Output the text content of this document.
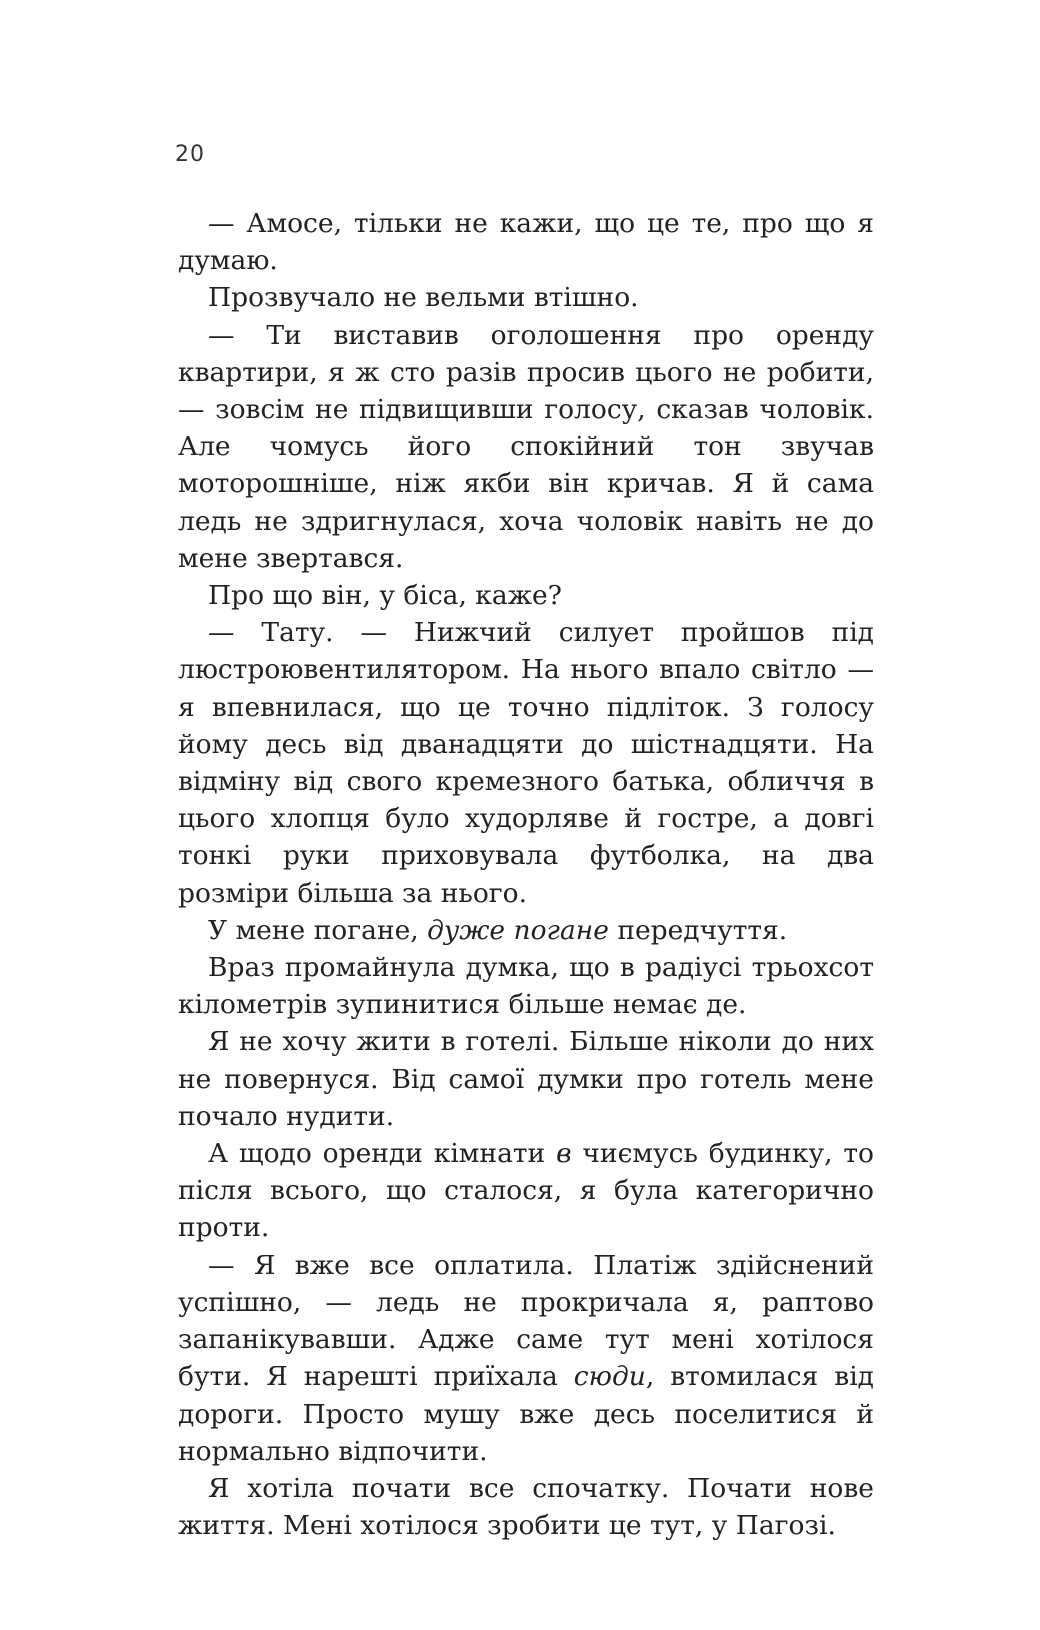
20

— Амосе, тільки не кажи, що це те, про що я думаю.

Прозвучало не вельми втішно.

— Ти виставив оголошення про оренду квартири, я ж сто разів просив цього не робити, — зовсім не підвищивши голосу, сказав чоловік. Але чомусь його спокійний тон звучав моторошніше, ніж якби він кричав. Я й сама ледь не здригнулася, хоча чоловік навіть не до мене звертався.

Про що він, у біса, каже?

— Тату. — Нижчий силует пройшов під люстроювентилятором. На нього впало світло — я впевнилася, що це точно підліток. З голосу йому десь від дванадцяти до шістнадцяти. На відміну від свого кремезного батька, обличчя в цього хлопця було худорляве й гостре, а довгі тонкі руки приховувала футболка, на два розміри більша за нього.

У мене погане, дуже погане передчуття.

Враз промайнула думка, що в радіусі трьохсот кілометрів зупинитися більше немає де.

Я не хочу жити в готелі. Більше ніколи до них не повернуся. Від самої думки про готель мене почало нудити.

А щодо оренди кімнати в чиємусь будинку, то після всього, що сталося, я була категорично проти.

— Я вже все оплатила. Платіж здійснений успішно, — ледь не прокричала я, раптово запанікувавши. Адже саме тут мені хотілося бути. Я нарешті приїхала сюди, втомилася від дороги. Просто мушу вже десь поселитися й нормально відпочити.

Я хотіла почати все спочатку. Почати нове життя. Мені хотілося зробити це тут, у Пагозі.
